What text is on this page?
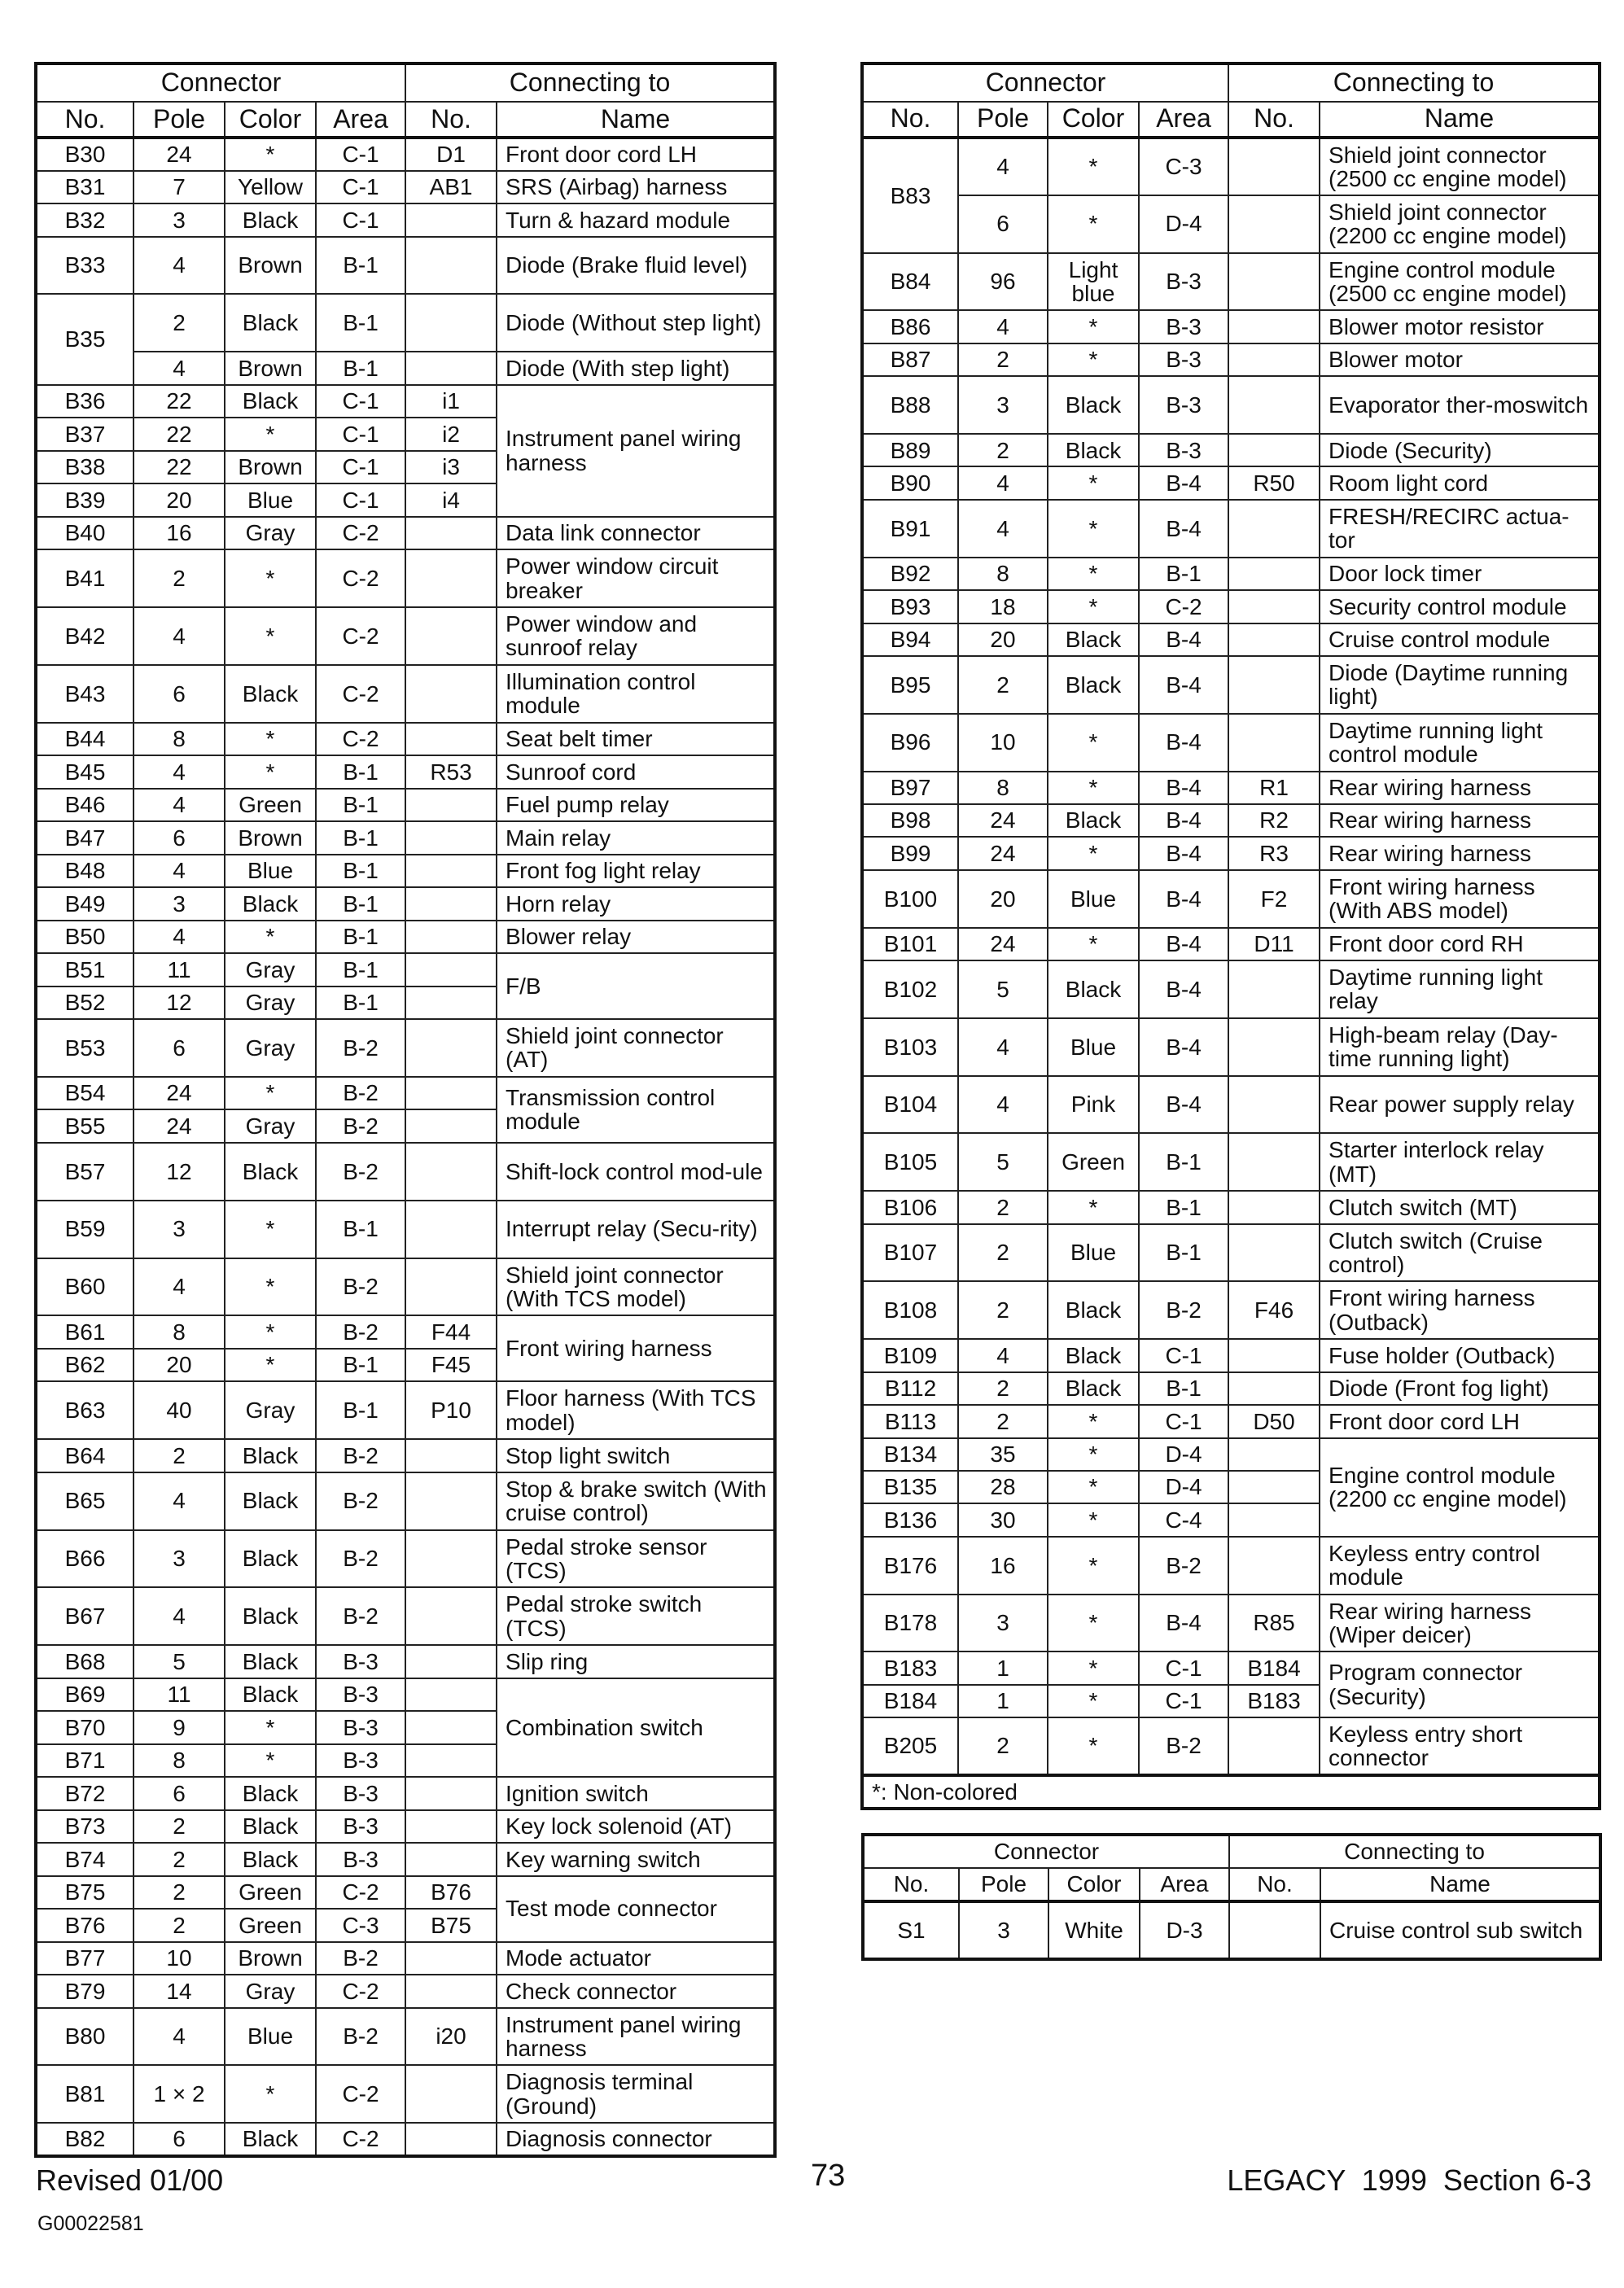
Connector				Connecting to	
No.	Pole	Color	Area	No.	Name
B30	24	*	C-1	D1	Front door cord LH
B31	7	Yellow	C-1	AB1	SRS (Airbag) harness
B32	3	Black	C-1		Turn & hazard module
B33	4	Brown	B-1		Diode (Brake fluid level)
B35	2	Black	B-1		Diode (Without step light)
	4	Brown	B-1		Diode (With step light)
B36	22	Black	C-1	i1	Instrument panel wiring harness
B37	22	*	C-1	i2	
B38	22	Brown	C-1	i3	
B39	20	Blue	C-1	i4	
B40	16	Gray	C-2		Data link connector
B41	2	*	C-2		Power window circuit breaker
B42	4	*	C-2		Power window and sunroof relay
B43	6	Black	C-2		Illumination control module
B44	8	*	C-2		Seat belt timer
B45	4	*	B-1	R53	Sunroof cord
B46	4	Green	B-1		Fuel pump relay
B47	6	Brown	B-1		Main relay
B48	4	Blue	B-1		Front fog light relay
B49	3	Black	B-1		Horn relay
B50	4	*	B-1		Blower relay
B51	11	Gray	B-1		F/B
B52	12	Gray	B-1		
B53	6	Gray	B-2		Shield joint connector (AT)
B54	24	*	B-2		Transmission control module
B55	24	Gray	B-2		
B57	12	Black	B-2		Shift-lock control mod-ule
B59	3	*	B-1		Interrupt relay (Secu-rity)
B60	4	*	B-2		Shield joint connector (With TCS model)
B61	8	*	B-2	F44	Front wiring harness
B62	20	*	B-1	F45	
B63	40	Gray	B-1	P10	Floor harness (With TCS model)
B64	2	Black	B-2		Stop light switch
B65	4	Black	B-2		Stop & brake switch (With cruise control)
B66	3	Black	B-2		Pedal stroke sensor (TCS)
B67	4	Black	B-2		Pedal stroke switch (TCS)
B68	5	Black	B-3		Slip ring
B69	11	Black	B-3		Combination switch
B70	9	*	B-3		
B71	8	*	B-3		
B72	6	Black	B-3		Ignition switch
B73	2	Black	B-3		Key lock solenoid (AT)
B74	2	Black	B-3		Key warning switch
B75	2	Green	C-2	B76	Test mode connector
B76	2	Green	C-3	B75	
B77	10	Brown	B-2		Mode actuator
B79	14	Gray	C-2		Check connector
B80	4	Blue	B-2	i20	Instrument panel wiring harness
B81	1 × 2	*	C-2		Diagnosis terminal (Ground)
B82	6	Black	C-2		Diagnosis connector
Connector				Connecting to	
No.	Pole	Color	Area	No.	Name
B83	4	*	C-3		Shield joint connector (2500 cc engine model)
	6	*	D-4		Shield joint connector (2200 cc engine model)
B84	96	Light blue	B-3		Engine control module (2500 cc engine model)
B86	4	*	B-3		Blower motor resistor
B87	2	*	B-3		Blower motor
B88	3	Black	B-3		Evaporator ther-moswitch
B89	2	Black	B-3		Diode (Security)
B90	4	*	B-4	R50	Room light cord
B91	4	*	B-4		FRESH/RECIRC actua-tor
B92	8	*	B-1		Door lock timer
B93	18	*	C-2		Security control module
B94	20	Black	B-4		Cruise control module
B95	2	Black	B-4		Diode (Daytime running light)
B96	10	*	B-4		Daytime running light control module
B97	8	*	B-4	R1	Rear wiring harness
B98	24	Black	B-4	R2	Rear wiring harness
B99	24	*	B-4	R3	Rear wiring harness
B100	20	Blue	B-4	F2	Front wiring harness (With ABS model)
B101	24	*	B-4	D11	Front door cord RH
B102	5	Black	B-4		Daytime running light relay
B103	4	Blue	B-4		High-beam relay (Day-time running light)
B104	4	Pink	B-4		Rear power supply relay
B105	5	Green	B-1		Starter interlock relay (MT)
B106	2	*	B-1		Clutch switch (MT)
B107	2	Blue	B-1		Clutch switch (Cruise control)
B108	2	Black	B-2	F46	Front wiring harness (Outback)
B109	4	Black	C-1		Fuse holder (Outback)
B112	2	Black	B-1		Diode (Front fog light)
B113	2	*	C-1	D50	Front door cord LH
B134	35	*	D-4		Engine control module (2200 cc engine model)
B135	28	*	D-4		
B136	30	*	C-4		
B176	16	*	B-2		Keyless entry control module
B178	3	*	B-4	R85	Rear wiring harness (Wiper deicer)
B183	1	*	C-1	B184	Program connector (Security)
B184	1	*	C-1	B183	
B205	2	*	B-2		Keyless entry short connector
*: Non-colored					
Connector				Connecting to	
No.	Pole	Color	Area	No.	Name
S1	3	White	D-3		Cruise control sub switch
Revised 01/00	73	LEGACY  1999  Section 6-3
G00022581
